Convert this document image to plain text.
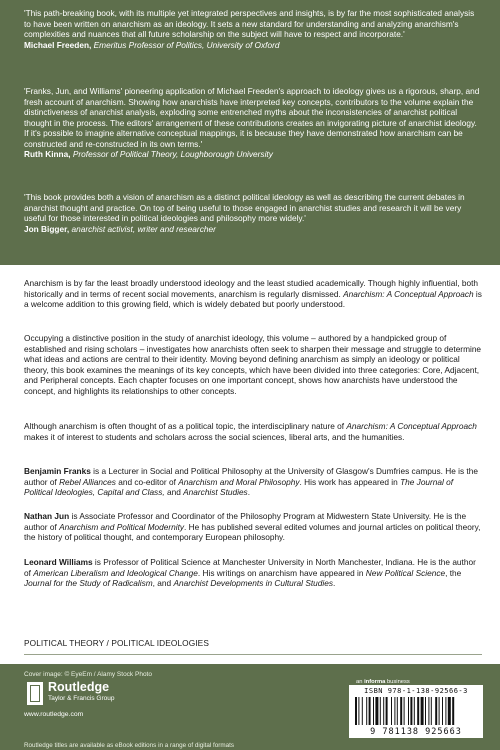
'This path-breaking book, with its multiple yet integrated perspectives and insights, is by far the most sophisticated analysis to have been written on anarchism as an ideology. It sets a new standard for understanding and analyzing anarchism's complexities and nuances that all future scholarship on the subject will have to respect and incorporate.'

Michael Freeden, Emeritus Professor of Politics, University of Oxford

'Franks, Jun, and Williams' pioneering application of Michael Freeden's approach to ideology gives us a rigorous, sharp, and fresh account of anarchism. Showing how anarchists have interpreted key concepts, contributors to the volume explain the distinctiveness of anarchist analysis, exploding some entrenched myths about the inconsistencies of anarchist political thought in the process. The editors' arrangement of these contributions creates an invigorating picture of anarchist ideology. If it's possible to imagine alternative conceptual mappings, it is because they have demonstrated how anarchism can be constructed and re-constructed in its own terms.'

Ruth Kinna, Professor of Political Theory, Loughborough University

'This book provides both a vision of anarchism as a distinct political ideology as well as describing the current debates in anarchist thought and practice. On top of being useful to those engaged in anarchist studies and research it will be very useful for those interested in political ideologies and philosophy more widely.'

Jon Bigger, anarchist activist, writer and researcher

Anarchism is by far the least broadly understood ideology and the least studied academically. Though highly influential, both historically and in terms of recent social movements, anarchism is regularly dismissed. Anarchism: A Conceptual Approach is a welcome addition to this growing field, which is widely debated but poorly understood.

Occupying a distinctive position in the study of anarchist ideology, this volume – authored by a handpicked group of established and rising scholars – investigates how anarchists often seek to sharpen their message and struggle to determine what ideas and actions are central to their identity. Moving beyond defining anarchism as simply an ideology or political theory, this book examines the meanings of its key concepts, which have been divided into three categories: Core, Adjacent, and Peripheral concepts. Each chapter focuses on one important concept, shows how anarchists have understood the concept, and highlights its relationships to other concepts.

Although anarchism is often thought of as a political topic, the interdisciplinary nature of Anarchism: A Conceptual Approach makes it of interest to students and scholars across the social sciences, liberal arts, and the humanities.

Benjamin Franks is a Lecturer in Social and Political Philosophy at the University of Glasgow's Dumfries campus. He is the author of Rebel Alliances and co-editor of Anarchism and Moral Philosophy. His work has appeared in The Journal of Political Ideologies, Capital and Class, and Anarchist Studies.

Nathan Jun is Associate Professor and Coordinator of the Philosophy Program at Midwestern State University. He is the author of Anarchism and Political Modernity. He has published several edited volumes and journal articles on political theory, the history of political thought, and contemporary European philosophy.

Leonard Williams is Professor of Political Science at Manchester University in North Manchester, Indiana. He is the author of American Liberalism and Ideological Change. His writings on anarchism have appeared in New Political Science, the Journal for the Study of Radicalism, and Anarchist Developments in Cultural Studies.

POLITICAL THEORY / POLITICAL IDEOLOGIES
Cover image: © EyeEm / Alamy Stock Photo
Routledge
Taylor & Francis Group
www.routledge.com
an informa business
ISBN 978-1-138-92566-3
9 781138 925663
Routledge titles are available as eBook editions in a range of digital formats
